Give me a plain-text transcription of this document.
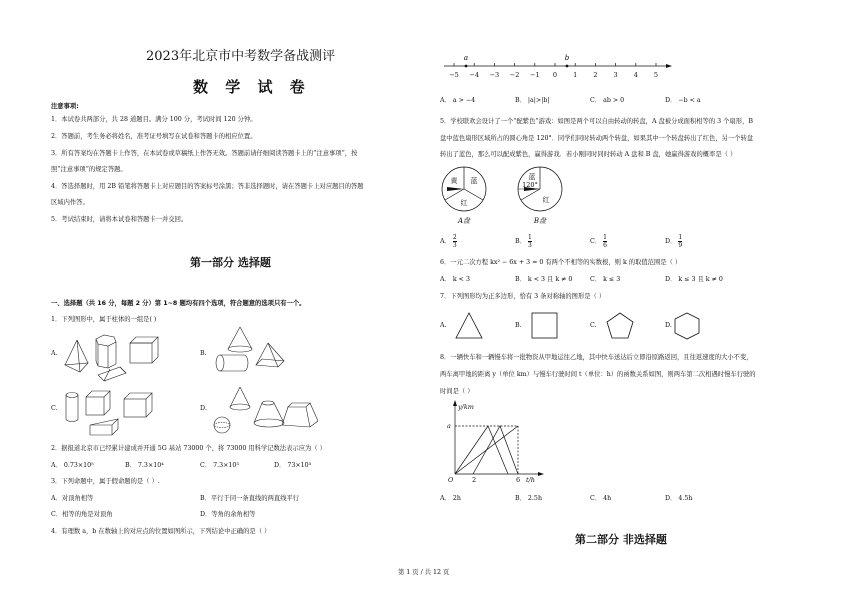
2023年北京市中考数学备战测评
数 学 试 卷
注意事项:
1．本试卷共两部分，共 28 道题目。满分 100 分，考试时间 120 分钟。
2．答题前，考生务必将姓名，准考证号填写在试卷和答题卡的相应位置。
3．所有答案均在答题卡上作答，在本试卷或草稿纸上作答无效。答题前请仔细阅读答题卡上的“注意事项”，按
照“注意事项”的规定答题。
4．答选择题时，用 2B 铅笔将答题卡上对应题目的答案标号涂黑；答非选择题时，请在答题卡上对应题目的答题
区域内作答。
5．考试结束时，请将本试卷和答题卡一并交回。
第一部分 选择题
一、选择题（共 16 分，每题 2 分）第 1~8 题均有四个选项，符合题意的选项只有一个。
1．下列图形中，属于柱体的一组是( )
A.	B.
C.	D.
2．据报道北京市已经累计建成并开通 5G 基站 73000 个，将 73000 用科学记数法表示应为（ ）
A． 0.73×10⁵	B． 7.3×10⁴	C． 7.3×10³	D． 73×10³
3．下列命题中，属于假命题的是（ ）.
A．对顶角相等	B．平行于同一条直线的两直线平行
C．相等的角是对顶角	D．等角的余角相等
4．有理数 a，b 在数轴上的对应点的位置如图所示，下列结论中正确的是（ ）
−5 −4 −3 −2 −1 0 1 2 3 4 5
a	b
A． a > −4	B． |a|>|b|	C． ab > 0	D． −b < a
5．学校联欢会设计了一个“配紫色”游戏：如图是两个可以自由转动的转盘，A 盘被分成面积相等的 3 个扇形，B
盘中蓝色扇形区域所占的圆心角是 120°．同学们同时转动两个转盘，如果其中一个转盘转出了红色，另一个转盘
转出了蓝色，那么可以配成紫色，赢得游戏．若小刚同时同时转动 A 盘和 B 盘，她赢得游戏的概率是（ ）
黄 蓝
红
蓝
120°
红
A盘	B盘
A． $\frac{2}{3}$	B． $\frac{1}{3}$	C． $\frac{1}{6}$	D． $\frac{1}{9}$
6．一元二次方程 kx² − 6x + 3 = 0 有两个不相等的实数根，则 k 的取值范围是（ ）
A． k < 3	B． k < 3 且 k ≠ 0	C． k ≤ 3	D． k ≤ 3 且 k ≠ 0
7．下列图形均为正多边形，恰有 3 条对称轴的图形是（ ）
A.	B.	C.	D.
8．一辆快车和一辆慢车将一批物资从甲地运往乙地，其中快车送达后立即沿原路返回，且往返速度的大小不变，
两车离甲地的距离 y（单位 km）与慢车行驶时间 t（单位：h）的函数关系如图，则两车第二次相遇时慢车行驶的
时间是（ ）
y/km
a
O	2	6 t/h
A． 2h	B． 2.5h	C． 4h	D． 4.5h
第二部分 非选择题
第 1 页 / 共 12 页
